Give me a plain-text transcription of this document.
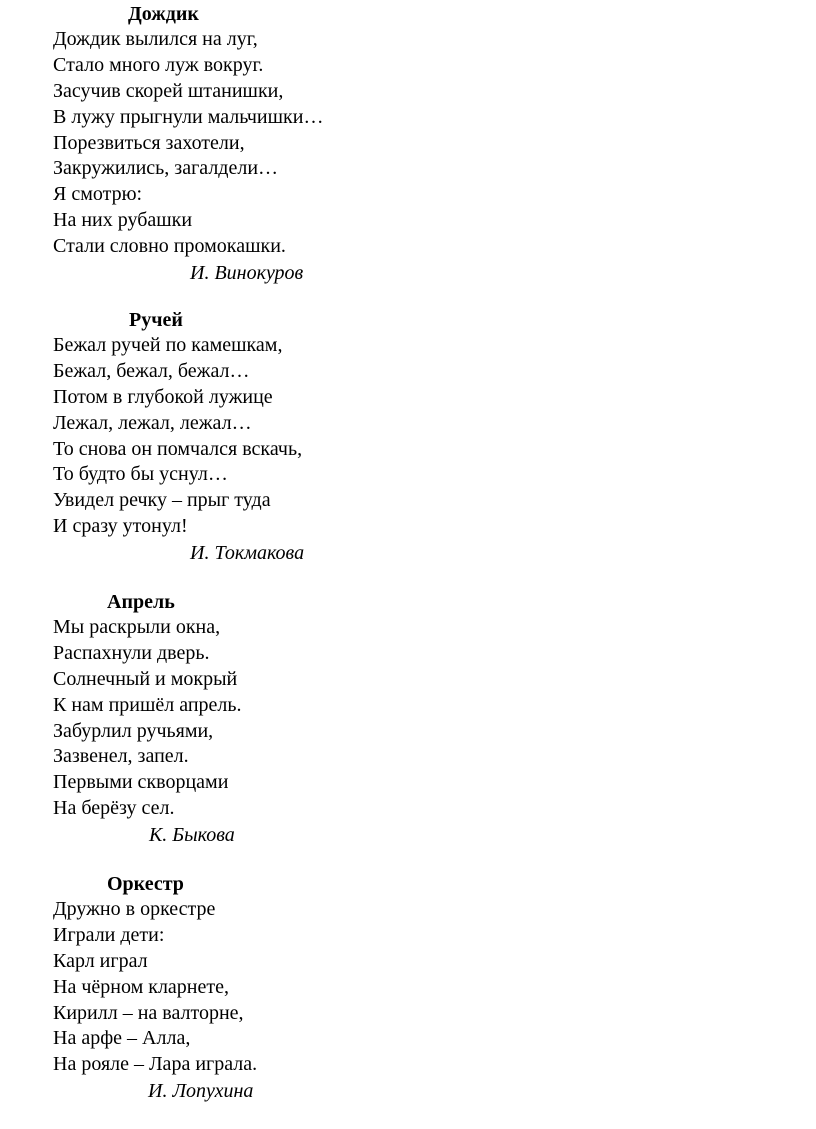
Дождик
Дождик вылился на луг,
Стало много луж вокруг.
Засучив скорей штанишки,
В лужу прыгнули мальчишки…
Порезвиться захотели,
Закружились, загалдели…
Я смотрю:
На них рубашки
Стали словно промокашки.
И. Винокуров
Ручей
Бежал ручей по камешкам,
Бежал, бежал, бежал…
Потом в глубокой лужице
Лежал, лежал, лежал…
То снова он помчался вскачь,
То будто бы уснул…
Увидел речку – прыг туда
И сразу утонул!
И. Токмакова
Апрель
Мы раскрыли окна,
Распахнули дверь.
Солнечный и мокрый
К нам пришёл апрель.
Забурлил ручьями,
Зазвенел, запел.
Первыми скворцами
На берёзу сел.
К. Быкова
Оркестр
Дружно в оркестре
Играли дети:
Карл играл
На чёрном кларнете,
Кирилл – на валторне,
На арфе – Алла,
На рояле – Лара играла.
И. Лопухина
